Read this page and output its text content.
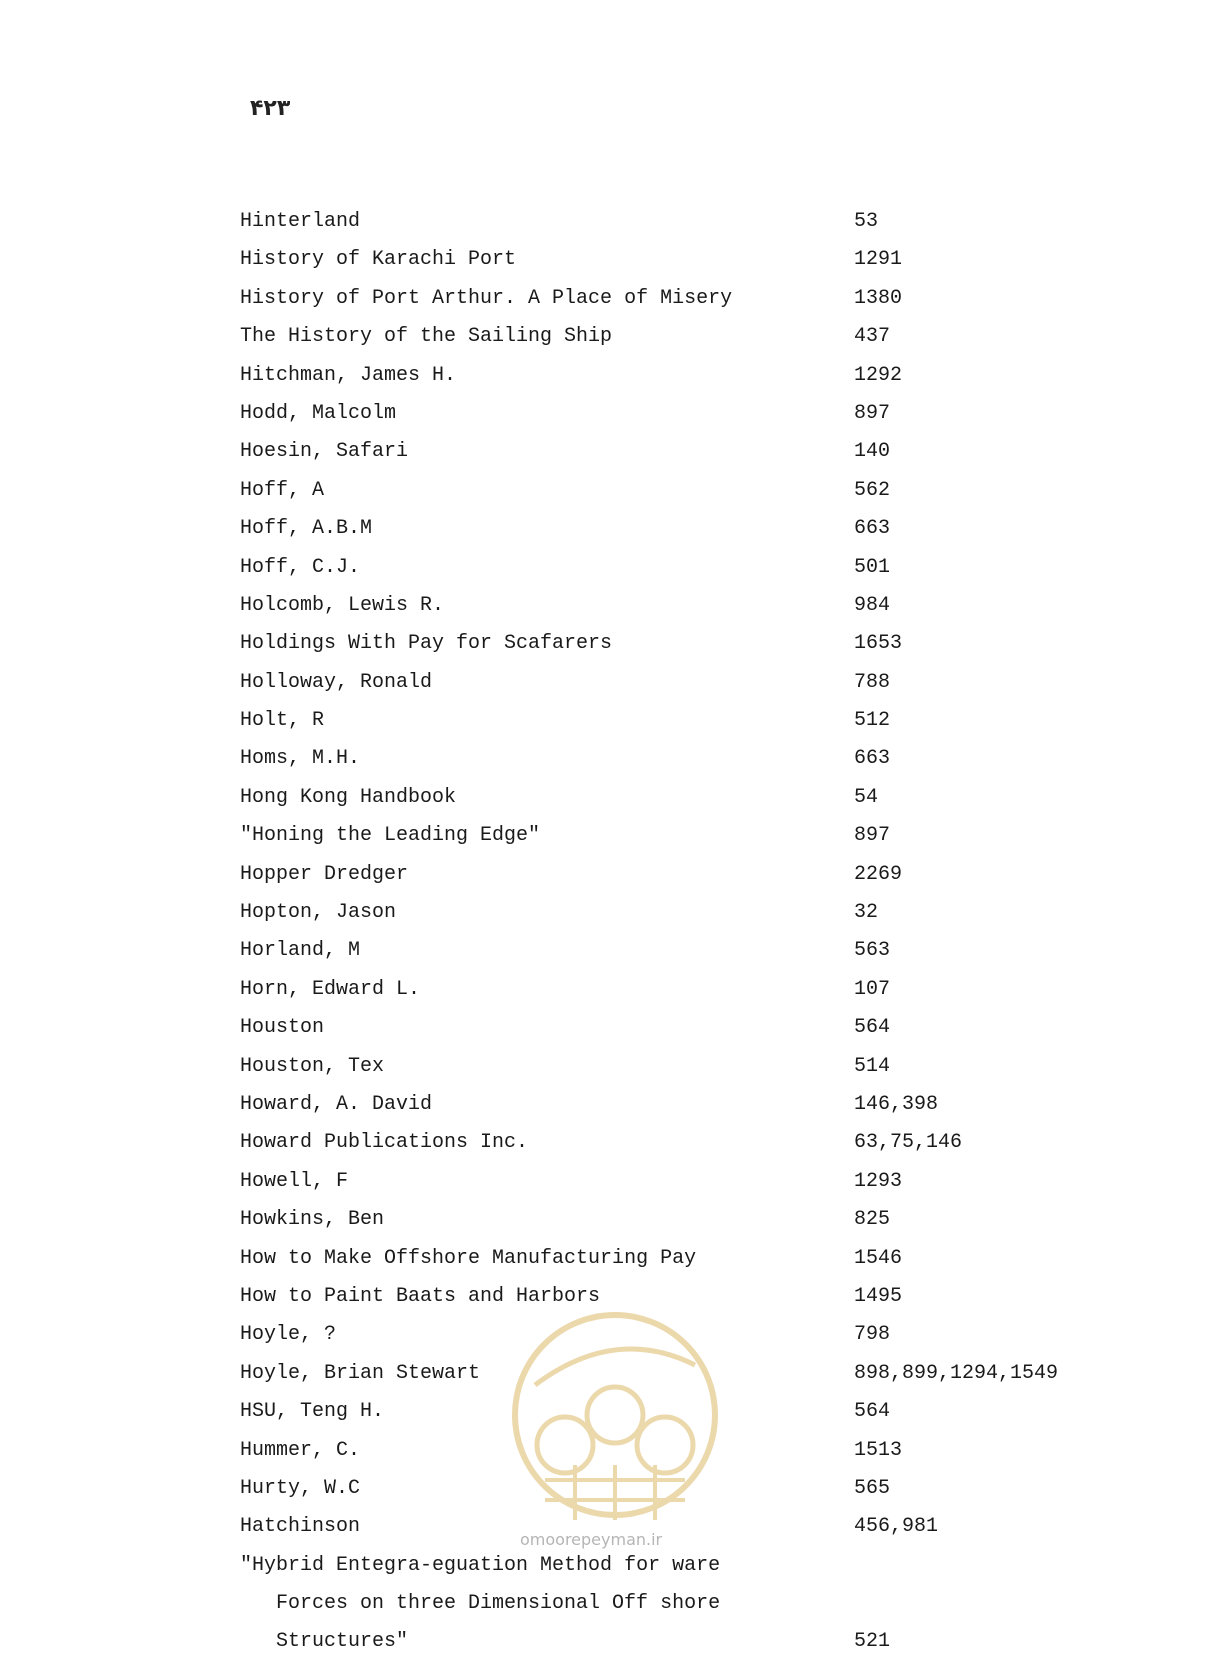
۴۲۳
Hinterland	53
History of Karachi Port	1291
History of Port Arthur. A Place of Misery	1380
The History of the Sailing Ship	437
Hitchman, James H.	1292
Hodd, Malcolm	897
Hoesin, Safari	140
Hoff, A	562
Hoff, A.B.M	663
Hoff, C.J.	501
Holcomb, Lewis R.	984
Holdings With Pay for Scafarers	1653
Holloway, Ronald	788
Holt, R	512
Homs, M.H.	663
Hong Kong Handbook	54
"Honing the Leading Edge"	897
Hopper Dredger	2269
Hopton, Jason	32
Horland, M	563
Horn, Edward L.	107
Houston	564
Houston, Tex	514
Howard, A. David	146,398
Howard Publications Inc.	63,75,146
Howell, F	1293
Howkins, Ben	825
How to Make Offshore Manufacturing Pay	1546
How to Paint Baats and Harbors	1495
Hoyle, ?	798
Hoyle, Brian Stewart	898,899,1294,1549
HSU, Teng H.	564
Hummer, C.	1513
Hurty, W.C	565
Hatchinson	456,981
"Hybrid Entegra-eguation Method for ware
Forces on three Dimensional Off shore
Structures"	521
omoorepeyman.ir
